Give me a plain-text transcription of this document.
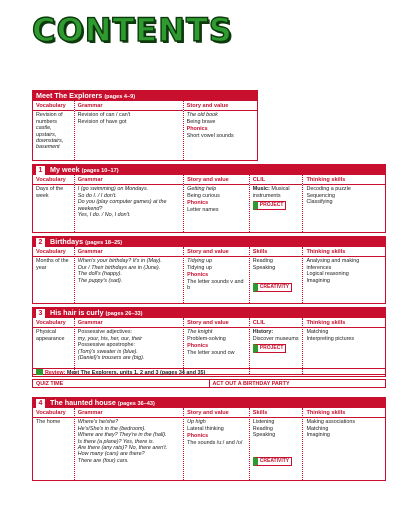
CONTENTS
Meet The Explorers (pages 4–9)
Vocabulary
Revision of numbers
castle, upstairs, downstairs, basement
Grammar
Revision of can / can't
Revision of have got
Story and value
The old book
Being brave
Phonics
Short vowel sounds
1 My week (pages 10–17)
Vocabulary
Days of the week
Grammar
I (go swimming) on Mondays.
So do I. / I don't.
Do you (play computer games) at the weekend?
Yes, I do. / No, I don't.
Story and value
Getting help
Being curious
Phonics
Letter names
CLIL
Music: Musical instruments
PROJECT
Thinking skills
Decoding a puzzle
Sequencing
Classifying
2 Birthdays (pages 18–25)
Vocabulary
Months of the year
Grammar
When's your birthday? It's in (May).
Our / Their birthdays are in (June).
The doll's (happy).
The puppy's (sad).
Story and value
Tidying up
Tidying up
Phonics
The letter sounds v and b
Skills
Reading
Speaking
CREATIVITY
Thinking skills
Analysing and making inferences
Logical reasoning
Imagining
3 His hair is curly (pages 26–33)
Vocabulary
Physical appearance
Grammar
Possessive adjectives:
my, your, his, her, our, their
Possessive apostrophe:
(Tom)'s sweater is (blue).
(Daniel)'s trousers are (big).
Story and value
The knight
Problem-solving
Phonics
The letter sound ow
CLIL
History:
Discover museums
PROJECT
Thinking skills
Matching
Interpreting pictures
Review: Meet The Explorers, units 1, 2 and 3 (pages 34 and 35)
QUIZ TIME	ACT OUT A BIRTHDAY PARTY
4 The haunted house (pages 36–43)
Vocabulary
The home
Grammar
Where's he/she?
He's/She's in the (bedroom).
Where are they? They're in the (hall).
Is there (a plane)? Yes, there is.
Are there (any rats)? No, there aren't.
How many (cars) are there?
There are (four) cars.
Story and value
Up high
Lateral thinking
Phonics
The sounds /u:/ and /ʊ/
Skills
Listening
Reading
Speaking
CREATIVITY
Thinking skills
Making associations
Matching
Imagining
